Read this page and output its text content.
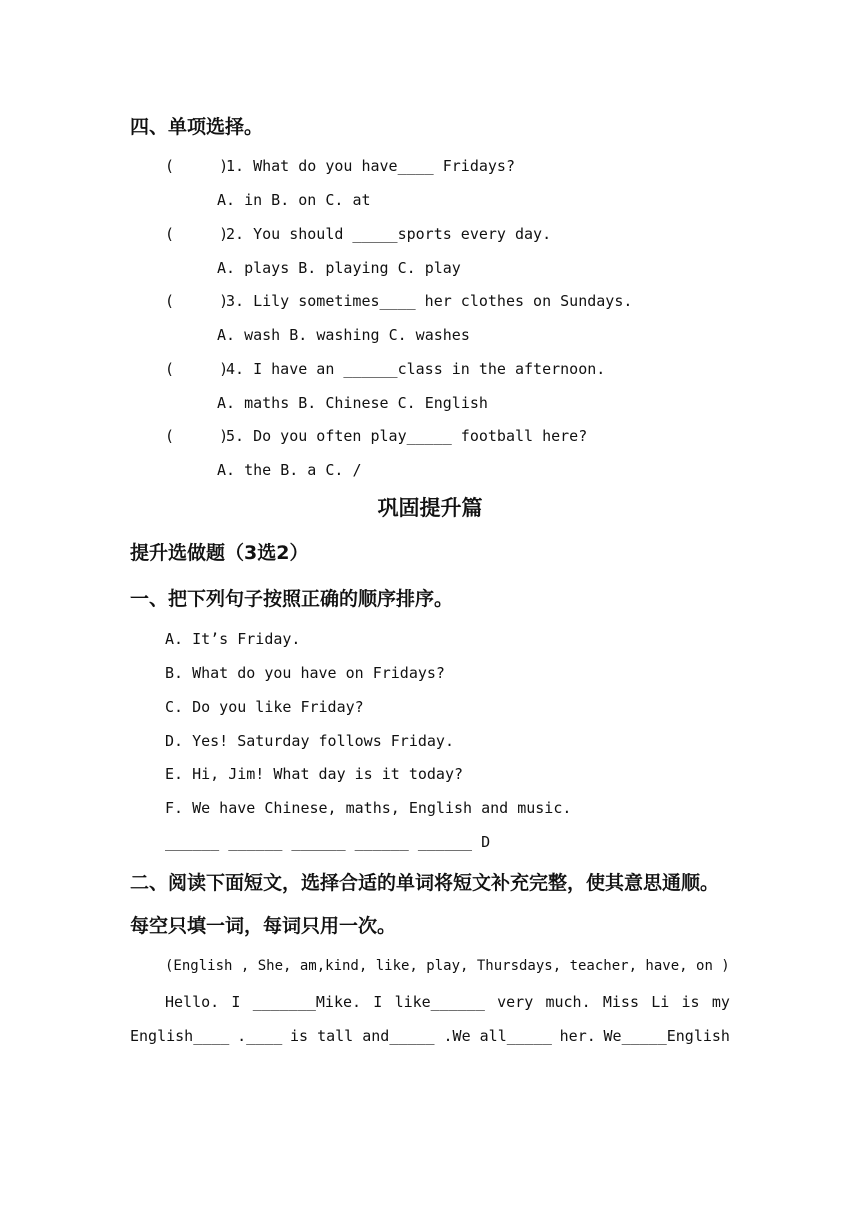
四、单项选择。
(     )
1. What do you have____ Fridays?
A. in B. on C. at
(     )
2. You should _____sports every day.
A. plays B. playing C. play
(     )
3. Lily sometimes____ her clothes on Sundays.
A. wash B. washing C. washes
(     )
4. I have an ______class in the afternoon.
A. maths B. Chinese C. English
(     )
5. Do you often play_____ football here?
A. the B. a C. /
巩固提升篇
提升选做题（3选2）
一、把下列句子按照正确的顺序排序。
A. It’s Friday.
B. What do you have on Fridays?
C. Do you like Friday?
D. Yes! Saturday follows Friday.
E. Hi, Jim! What day is it today?
F. We have Chinese, maths, English and music.
______ ______ ______ ______ ______ D
二、阅读下面短文，选择合适的单词将短文补充完整，使其意思通顺。
每空只填一词，每词只用一次。
(English , She, am,kind, like, play, Thursdays, teacher, have, on )
Hello. I _______Mike. I like______ very much. Miss Li is my
English____ .____ is tall and_____ .We all_____ her. We_____English
